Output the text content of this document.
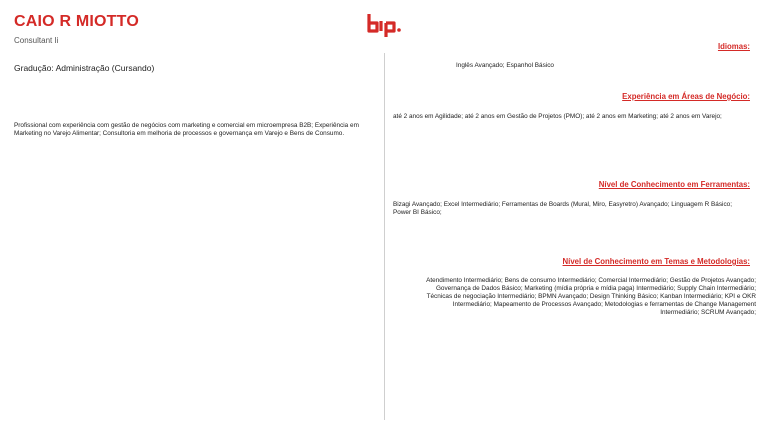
CAIO R MIOTTO
Consultant Ii
Gradução: Administração (Cursando)
Profissional com experiência com gestão de negócios com marketing e comercial em microempresa B2B; Experiência em Marketing no Varejo Alimentar; Consultoria em melhoria de processos e governança em Varejo e Bens de Consumo.
Idiomas:
Inglês Avançado; Espanhol Básico
Experiência em Áreas de Negócio:
até 2 anos em Agilidade; até 2 anos em Gestão de Projetos (PMO); até 2 anos em Marketing; até 2 anos em Varejo;
Nível de Conhecimento em Ferramentas:
Bizagi Avançado; Excel Intermediário; Ferramentas de Boards (Mural, Miro, Easyretro) Avançado; Linguagem R Básico; Power BI Básico;
Nível de Conhecimento em Temas e Metodologias:
Atendimento Intermediário; Bens de consumo Intermediário; Comercial Intermediário; Gestão de Projetos Avançado; Governança de Dados Básico; Marketing (mídia própria e mídia paga) Intermediário; Supply Chain Intermediário; Técnicas de negociação Intermediário; BPMN Avançado; Design Thinking Básico; Kanban Intermediário; KPI e OKR Intermediário; Mapeamento de Processos Avançado; Metodologias e ferramentas de Change Management Intermediário; SCRUM Avançado;
